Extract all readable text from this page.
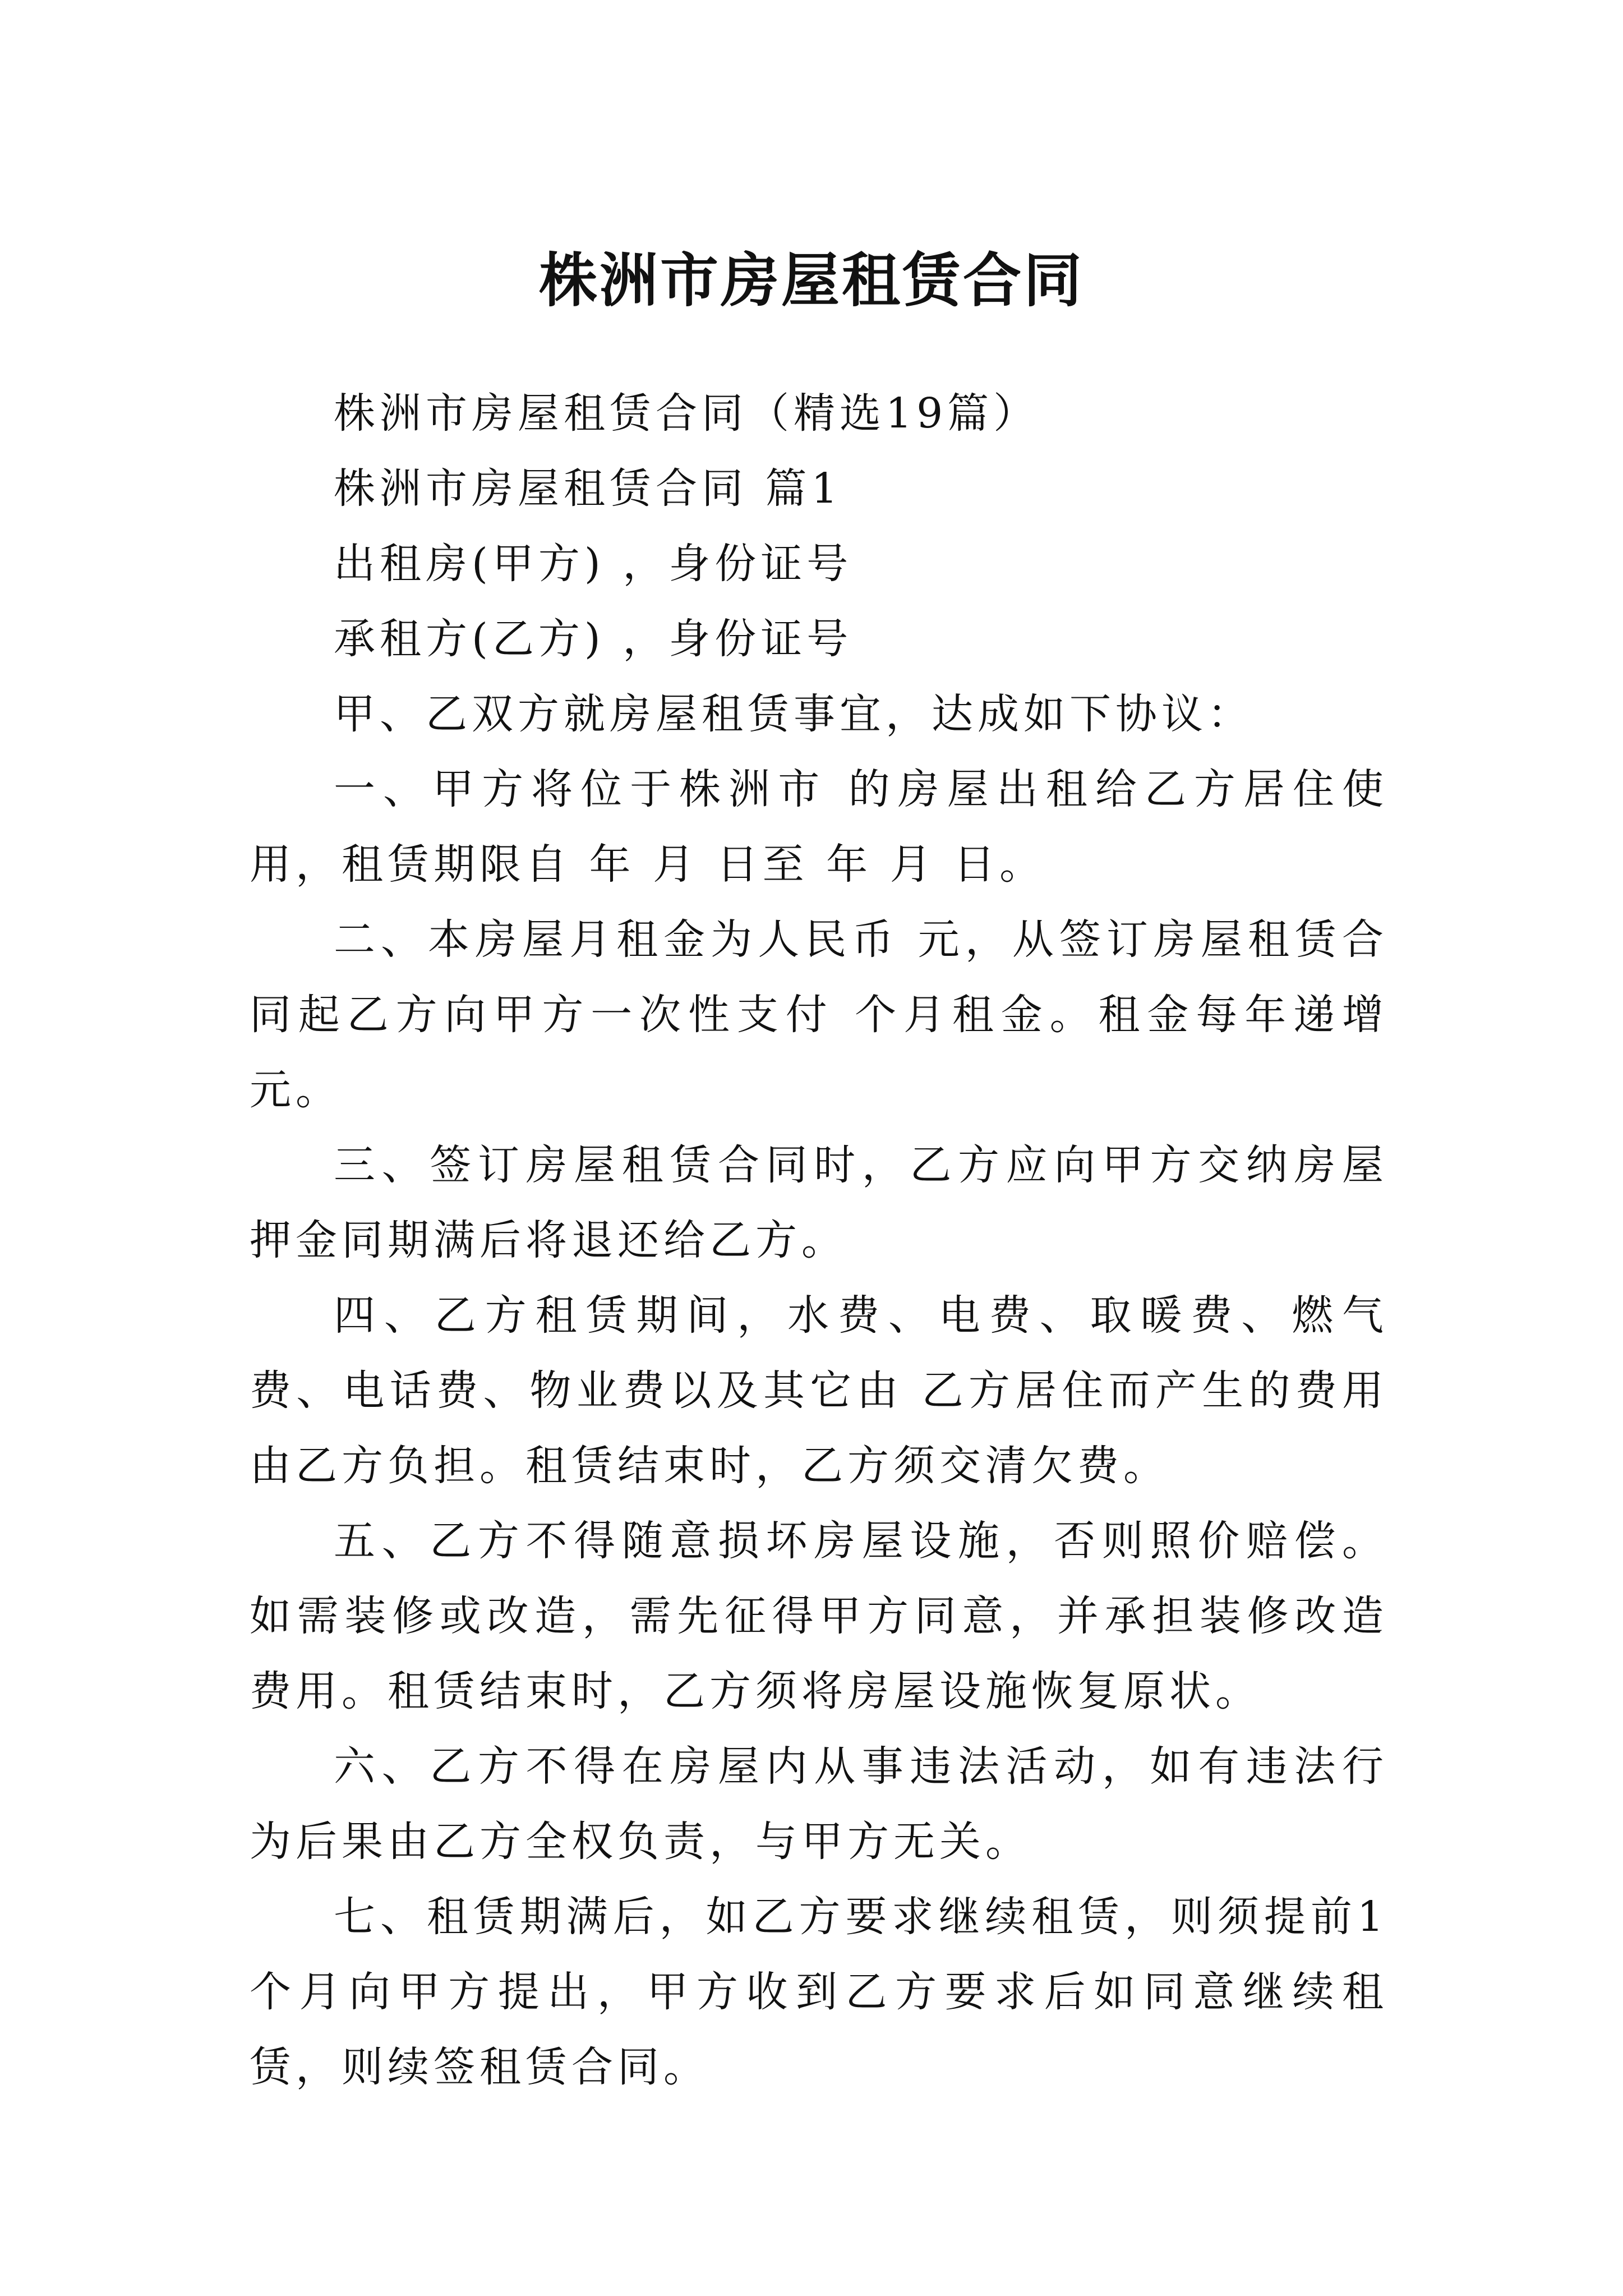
株洲市房屋租赁合同

株洲市房屋租赁合同（精选19篇）

株洲市房屋租赁合同 篇1

出租房(甲方) ，身份证号

承租方(乙方) ，身份证号

甲、乙双方就房屋租赁事宜，达成如下协议：

一、甲方将位于株洲市 的房屋出租给乙方居住使用，租赁期限自 年 月 日至 年 月 日。

二、本房屋月租金为人民币 元，从签订房屋租赁合同起乙方向甲方一次性支付 个月租金。租金每年递增 元。

三、签订房屋租赁合同时，乙方应向甲方交纳房屋押金同期满后将退还给乙方。

四、乙方租赁期间，水费、电费、取暖费、燃气费、电话费、物业费以及其它由 乙方居住而产生的费用由乙方负担。租赁结束时，乙方须交清欠费。

五、乙方不得随意损坏房屋设施，否则照价赔偿。如需装修或改造，需先征得甲方同意，并承担装修改造费用。租赁结束时，乙方须将房屋设施恢复原状。

六、乙方不得在房屋内从事违法活动，如有违法行为后果由乙方全权负责，与甲方无关。

七、租赁期满后，如乙方要求继续租赁，则须提前1个月向甲方提出，甲方收到乙方要求后如同意继续租赁，则续签租赁合同。
